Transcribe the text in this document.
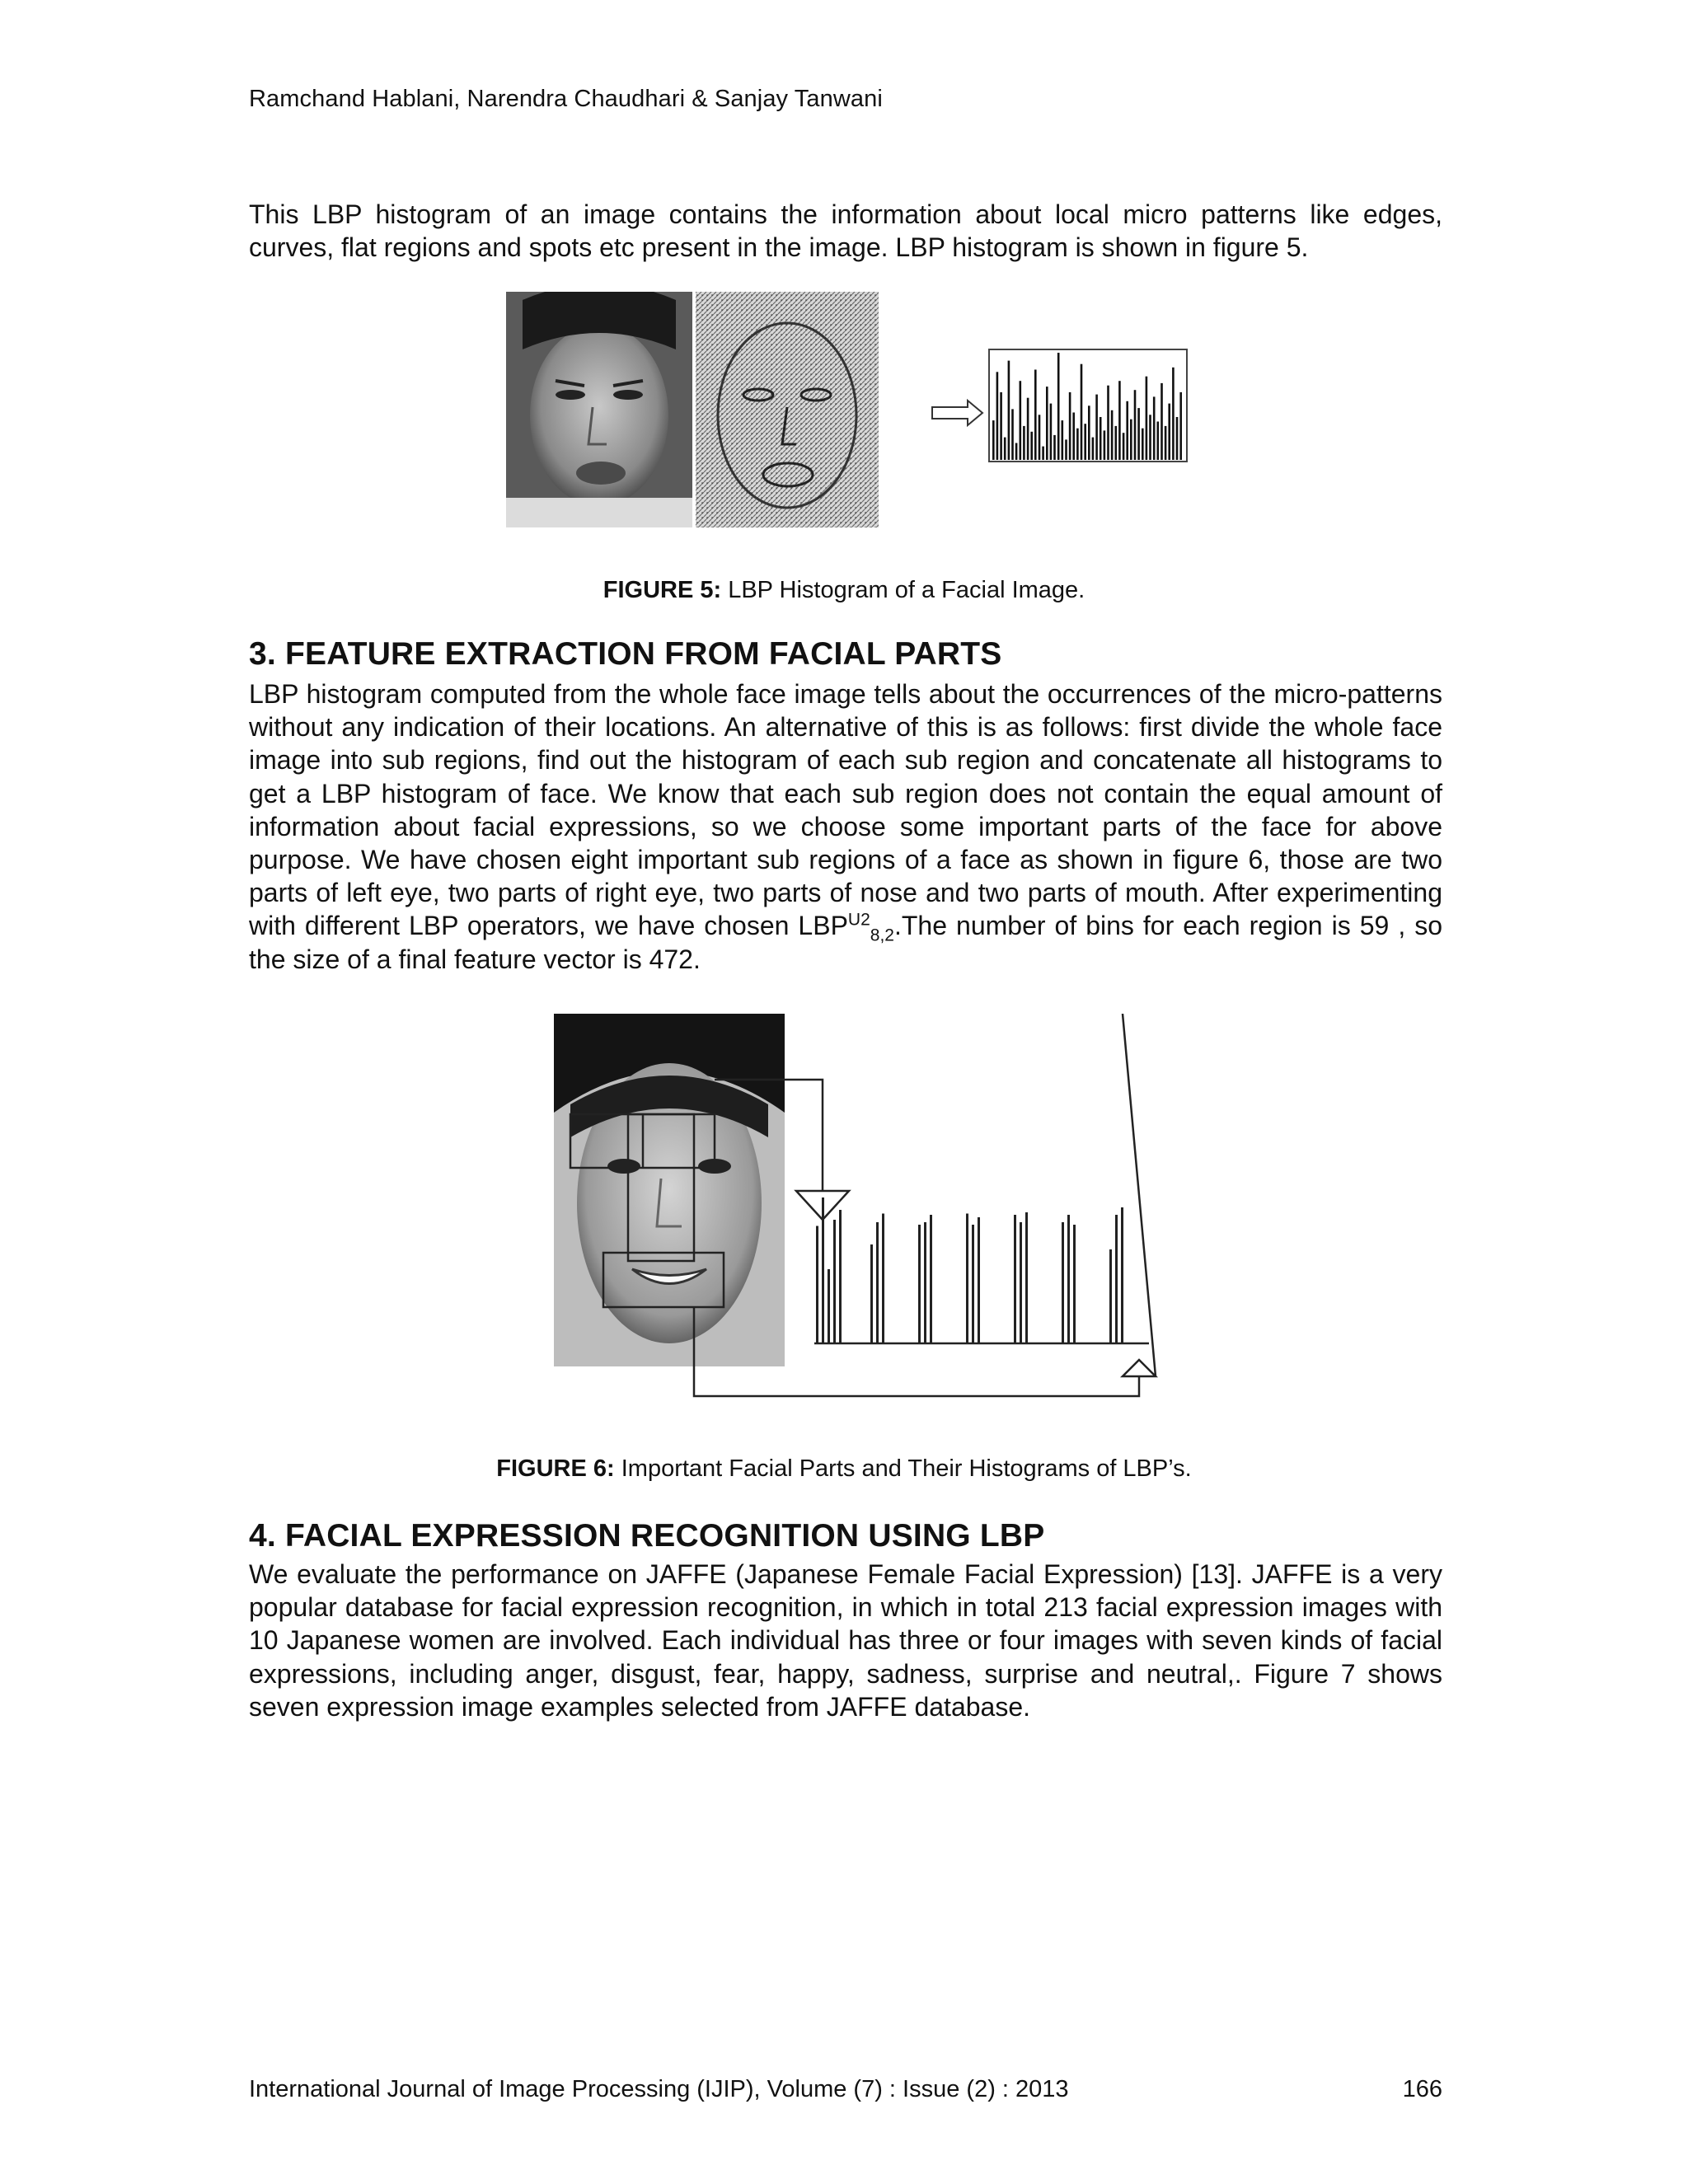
Ramchand Hablani, Narendra Chaudhari & Sanjay Tanwani
This LBP histogram of an image contains the information about local micro patterns like edges, curves, flat regions and spots etc present in the image. LBP histogram is shown in figure 5.
FIGURE 5: LBP Histogram of a Facial Image.
3. FEATURE EXTRACTION FROM FACIAL PARTS
LBP histogram computed from the whole face image tells about the occurrences of the micro-patterns without any indication of their locations. An alternative of this is as follows: first divide the whole face image into sub regions, find out the histogram of each sub region and concatenate all histograms to get a LBP histogram of face. We know that each sub region does not contain the equal amount of information about facial expressions, so we choose some important parts of the face for above purpose. We have chosen eight important sub regions of a face as shown in figure 6, those are two parts of left eye, two parts of right eye, two parts of nose and two parts of mouth. After experimenting with different LBP operators, we have chosen $LBP^{U2}_{8,2}.The$ number of bins for each region is 59 , so the size of a final feature vector is 472.
FIGURE 6: Important Facial Parts and Their Histograms of LBP’s.
4. FACIAL EXPRESSION RECOGNITION USING LBP
We evaluate the performance on JAFFE (Japanese Female Facial Expression) [13]. JAFFE is a very popular database for facial expression recognition, in which in total 213 facial expression images with 10 Japanese women are involved. Each individual has three or four images with seven kinds of facial expressions, including anger, disgust, fear, happy, sadness, surprise and neutral,. Figure 7 shows seven expression image examples selected from JAFFE database.
International Journal of Image Processing (IJIP), Volume (7) : Issue (2) : 2013	166
